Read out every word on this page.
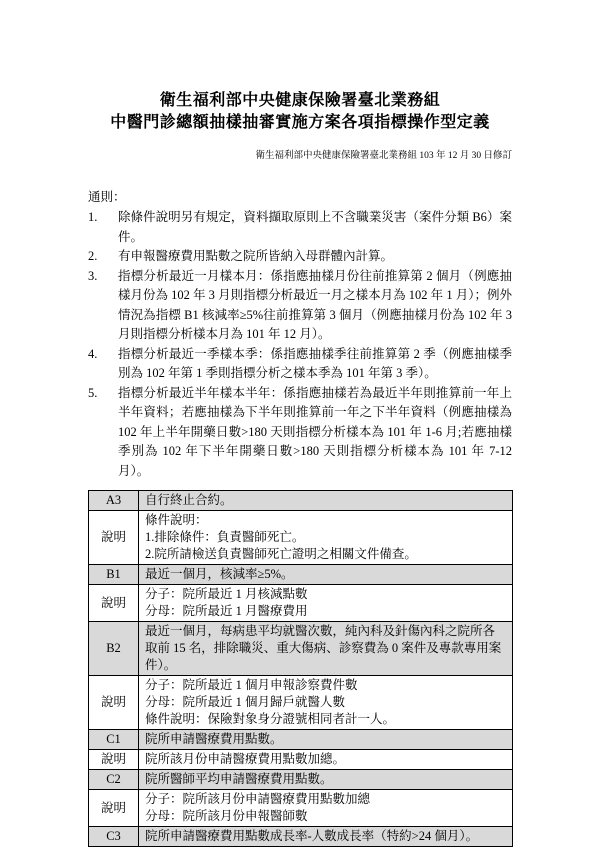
衛生福利部中央健康保險署臺北業務組
中醫門診總額抽樣抽審實施方案各項指標操作型定義
衛生福利部中央健康保險署臺北業務組 103 年 12 月 30 日修訂
通則：
1.	除條件說明另有規定，資料擷取原則上不含職業災害（案件分類 B6）案件。
2.	有申報醫療費用點數之院所皆納入母群體內計算。
3.	指標分析最近一月樣本月：係指應抽樣月份往前推算第 2 個月（例應抽樣月份為 102 年 3 月則指標分析最近一月之樣本月為 102 年 1 月）；例外情況為指標 B1 核減率≥5%往前推算第 3 個月（例應抽樣月份為 102 年 3 月則指標分析樣本月為 101 年 12 月）。
4.	指標分析最近一季樣本季：係指應抽樣季往前推算第 2 季（例應抽樣季別為 102 年第 1 季則指標分析之樣本季為 101 年第 3 季）。
5.	指標分析最近半年樣本半年：係指應抽樣若為最近半年則推算前一年上半年資料；若應抽樣為下半年則推算前一年之下半年資料（例應抽樣為 102 年上半年開藥日數>180 天則指標分析樣本為 101 年 1-6 月;若應抽樣季別為 102 年下半年開藥日數>180 天則指標分析樣本為 101 年 7-12 月）。
A3	自行終止合約。

說明	條件說明：
1.排除條件：負責醫師死亡。
2.院所請檢送負責醫師死亡證明之相關文件備查。

B1	最近一個月，核減率≥5%。

說明	分子：院所最近 1 月核減點數
分母：院所最近 1 月醫療費用

B2	最近一個月，每病患平均就醫次數，純內科及針傷內科之院所各取前 15 名，排除職災、重大傷病、診察費為 0 案件及專款專用案件）。

說明	分子：院所最近 1 個月申報診察費件數
分母：院所最近 1 個月歸戶就醫人數
條件說明：保險對象身分證號相同者計一人。

C1	院所申請醫療費用點數。

說明	院所該月份申請醫療費用點數加總。

C2	院所醫師平均申請醫療費用點數。

說明	分子：院所該月份申請醫療費用點數加總
分母：院所該月份申報醫師數

C3	院所申請醫療費用點數成長率-人數成長率（特約>24 個月）。
